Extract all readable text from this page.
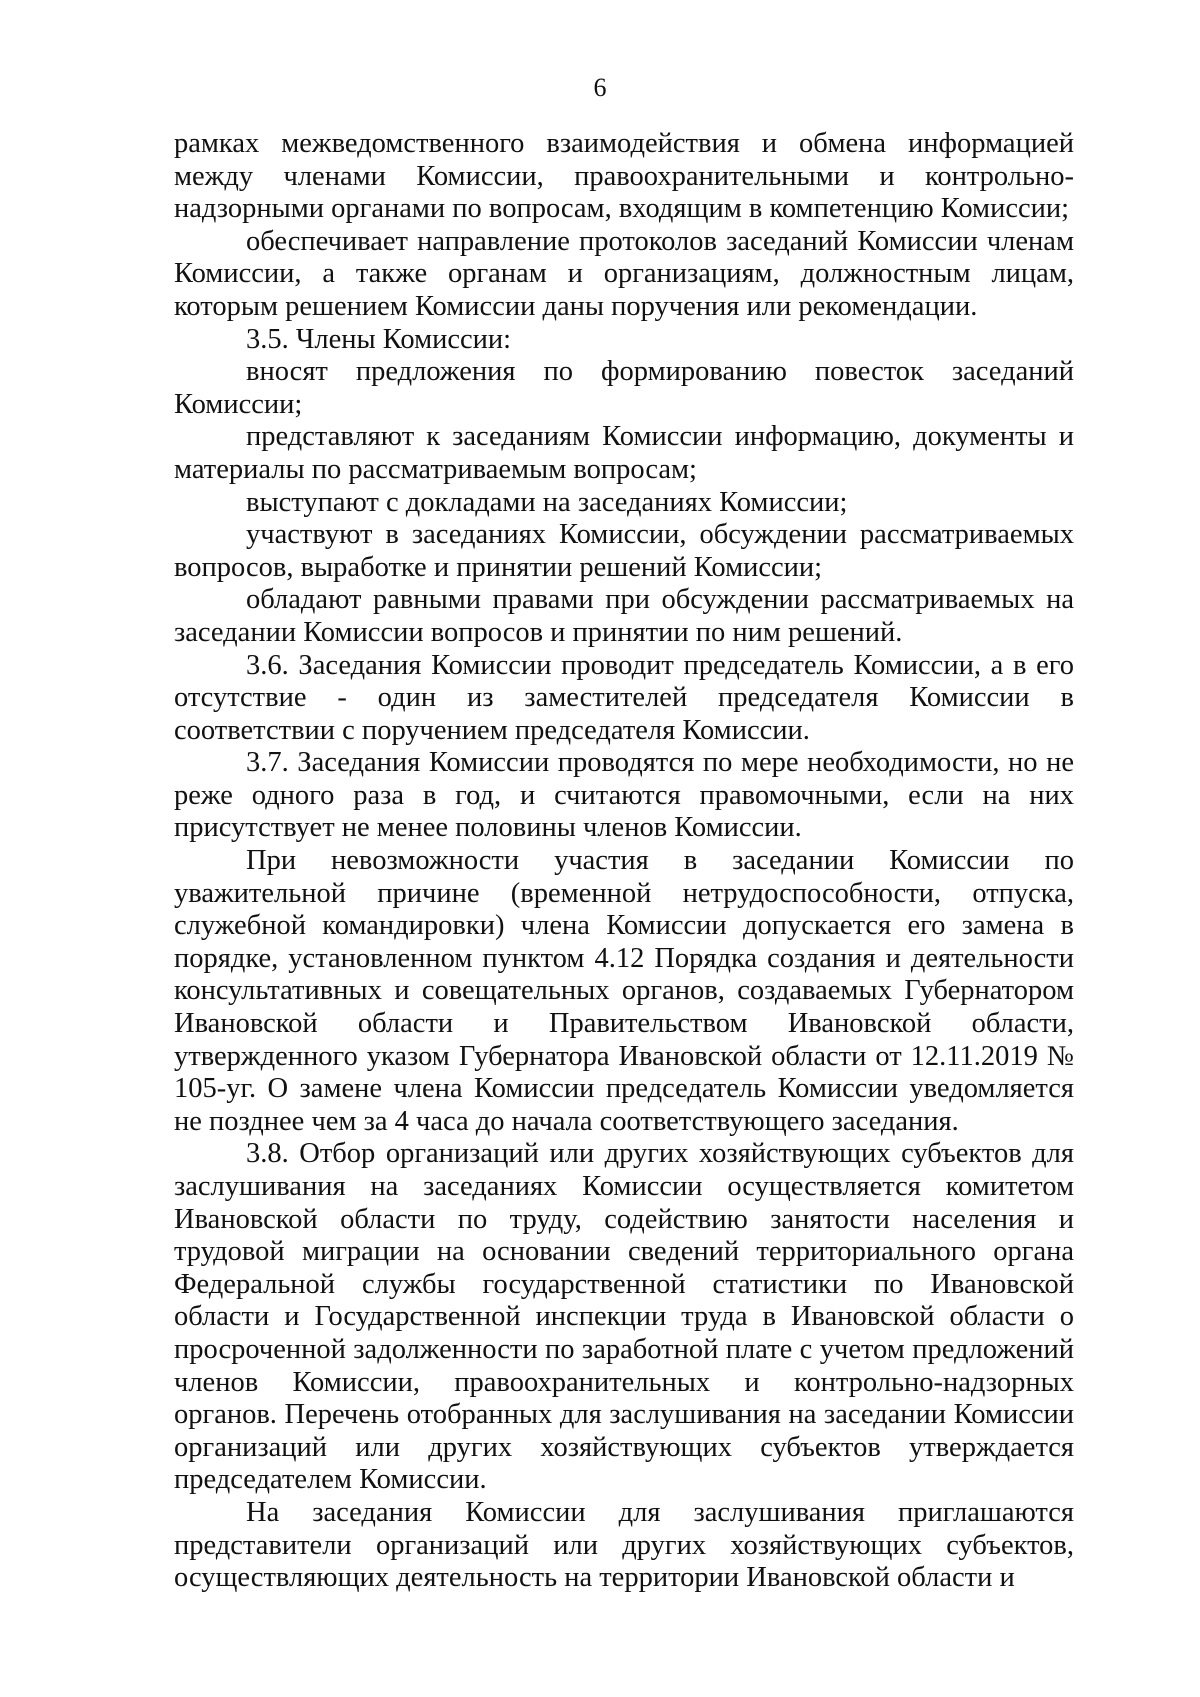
6

рамках межведомственного взаимодействия и обмена информацией между членами Комиссии, правоохранительными и контрольно-надзорными органами по вопросам, входящим в компетенцию Комиссии;

обеспечивает направление протоколов заседаний Комиссии членам Комиссии, а также органам и организациям, должностным лицам, которым решением Комиссии даны поручения или рекомендации.

3.5. Члены Комиссии:

вносят предложения по формированию повесток заседаний Комиссии;

представляют к заседаниям Комиссии информацию, документы и материалы по рассматриваемым вопросам;

выступают с докладами на заседаниях Комиссии;

участвуют в заседаниях Комиссии, обсуждении рассматриваемых вопросов, выработке и принятии решений Комиссии;

обладают равными правами при обсуждении рассматриваемых на заседании Комиссии вопросов и принятии по ним решений.

3.6. Заседания Комиссии проводит председатель Комиссии, а в его отсутствие - один из заместителей председателя Комиссии в соответствии с поручением председателя Комиссии.

3.7. Заседания Комиссии проводятся по мере необходимости, но не реже одного раза в год, и считаются правомочными, если на них присутствует не менее половины членов Комиссии.

При невозможности участия в заседании Комиссии по уважительной причине (временной нетрудоспособности, отпуска, служебной командировки) члена Комиссии допускается его замена в порядке, установленном пунктом 4.12 Порядка создания и деятельности консультативных и совещательных органов, создаваемых Губернатором Ивановской области и Правительством Ивановской области, утвержденного указом Губернатора Ивановской области от 12.11.2019 № 105-уг. О замене члена Комиссии председатель Комиссии уведомляется не позднее чем за 4 часа до начала соответствующего заседания.

3.8. Отбор организаций или других хозяйствующих субъектов для заслушивания на заседаниях Комиссии осуществляется комитетом Ивановской области по труду, содействию занятости населения и трудовой миграции на основании сведений территориального органа Федеральной службы государственной статистики по Ивановской области и Государственной инспекции труда в Ивановской области о просроченной задолженности по заработной плате с учетом предложений членов Комиссии, правоохранительных и контрольно-надзорных органов. Перечень отобранных для заслушивания на заседании Комиссии организаций или других хозяйствующих субъектов утверждается председателем Комиссии.

На заседания Комиссии для заслушивания приглашаются представители организаций или других хозяйствующих субъектов, осуществляющих деятельность на территории Ивановской области и
